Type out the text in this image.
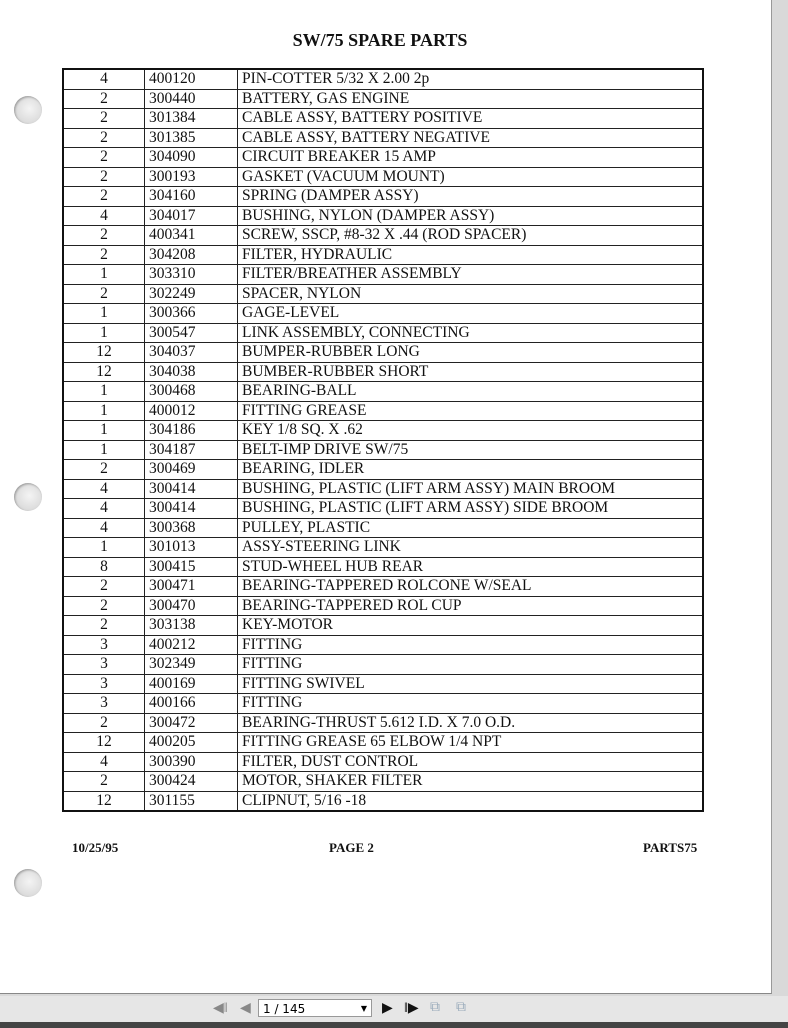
SW/75 SPARE PARTS
4	400120	PIN-COTTER 5/32 X 2.00 2p
2	300440	BATTERY, GAS ENGINE
2	301384	CABLE ASSY, BATTERY POSITIVE
2	301385	CABLE ASSY, BATTERY NEGATIVE
2	304090	CIRCUIT BREAKER 15 AMP
2	300193	GASKET (VACUUM MOUNT)
2	304160	SPRING (DAMPER ASSY)
4	304017	BUSHING, NYLON (DAMPER ASSY)
2	400341	SCREW, SSCP, #8-32 X .44 (ROD SPACER)
2	304208	FILTER, HYDRAULIC
1	303310	FILTER/BREATHER ASSEMBLY
2	302249	SPACER, NYLON
1	300366	GAGE-LEVEL
1	300547	LINK ASSEMBLY, CONNECTING
12	304037	BUMPER-RUBBER LONG
12	304038	BUMBER-RUBBER SHORT
1	300468	BEARING-BALL
1	400012	FITTING GREASE
1	304186	KEY 1/8 SQ. X .62
1	304187	BELT-IMP DRIVE SW/75
2	300469	BEARING, IDLER
4	300414	BUSHING, PLASTIC (LIFT ARM ASSY) MAIN BROOM
4	300414	BUSHING, PLASTIC (LIFT ARM ASSY) SIDE BROOM
4	300368	PULLEY, PLASTIC
1	301013	ASSY-STEERING LINK
8	300415	STUD-WHEEL HUB REAR
2	300471	BEARING-TAPPERED ROLCONE W/SEAL
2	300470	BEARING-TAPPERED ROL CUP
2	303138	KEY-MOTOR
3	400212	FITTING
3	302349	FITTING
3	400169	FITTING SWIVEL
3	400166	FITTING
2	300472	BEARING-THRUST 5.612 I.D. X 7.0 O.D.
12	400205	FITTING GREASE 65 ELBOW 1/4 NPT
4	300390	FILTER, DUST CONTROL
2	300424	MOTOR, SHAKER FILTER
12	301155	CLIPNUT, 5/16 -18
10/25/95	PAGE 2	PARTS75
◀‖ ◀	1 / 145	▼ ▶ ‖▶ ⧉ ⧉
